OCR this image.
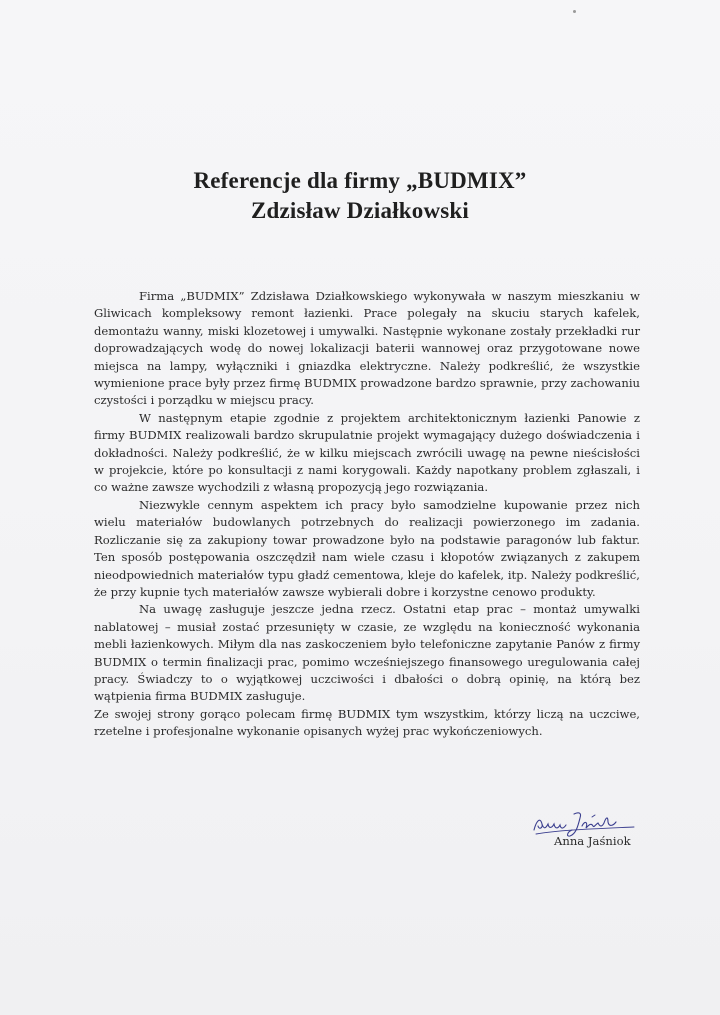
Referencje dla firmy „BUDMIX”
Zdzisław Działkowski

Firma „BUDMIX” Zdzisława Działkowskiego wykonywała w naszym mieszkaniu w Gliwicach kompleksowy remont łazienki. Prace polegały na skuciu starych kafelek, demontażu wanny, miski klozetowej i umywalki. Następnie wykonane zostały przekładki rur doprowadzających wodę do nowej lokalizacji baterii wannowej oraz przygotowane nowe miejsca na lampy, wyłączniki i gniazdka elektryczne. Należy podkreślić, że wszystkie wymienione prace były przez firmę BUDMIX prowadzone bardzo sprawnie, przy zachowaniu czystości i porządku w miejscu pracy.

W następnym etapie zgodnie z projektem architektonicznym łazienki Panowie z firmy BUDMIX realizowali bardzo skrupulatnie projekt wymagający dużego doświadczenia i dokładności. Należy podkreślić, że w kilku miejscach zwrócili uwagę na pewne nieścisłości w projekcie, które po konsultacji z nami korygowali. Każdy napotkany problem zgłaszali, i co ważne zawsze wychodzili z własną propozycją jego rozwiązania.

Niezwykle cennym aspektem ich pracy było samodzielne kupowanie przez nich wielu materiałów budowlanych potrzebnych do realizacji powierzonego im zadania. Rozliczanie się za zakupiony towar prowadzone było na podstawie paragonów lub faktur. Ten sposób postępowania oszczędził nam wiele czasu i kłopotów związanych z zakupem nieodpowiednich materiałów typu gładź cementowa, kleje do kafelek, itp. Należy podkreślić, że przy kupnie tych materiałów zawsze wybierali dobre i korzystne cenowo produkty.

Na uwagę zasługuje jeszcze jedna rzecz. Ostatni etap prac – montaż umywalki nablatowej – musiał zostać przesunięty w czasie, ze względu na konieczność wykonania mebli łazienkowych. Miłym dla nas zaskoczeniem było telefoniczne zapytanie Panów z firmy BUDMIX o termin finalizacji prac, pomimo wcześniejszego finansowego uregulowania całej pracy. Świadczy to o wyjątkowej uczciwości i dbałości o dobrą opinię, na którą bez wątpienia firma BUDMIX zasługuje.

Ze swojej strony gorąco polecam firmę BUDMIX tym wszystkim, którzy liczą na uczciwe, rzetelne i profesjonalne wykonanie opisanych wyżej prac wykończeniowych.

Anna Jaśniok
